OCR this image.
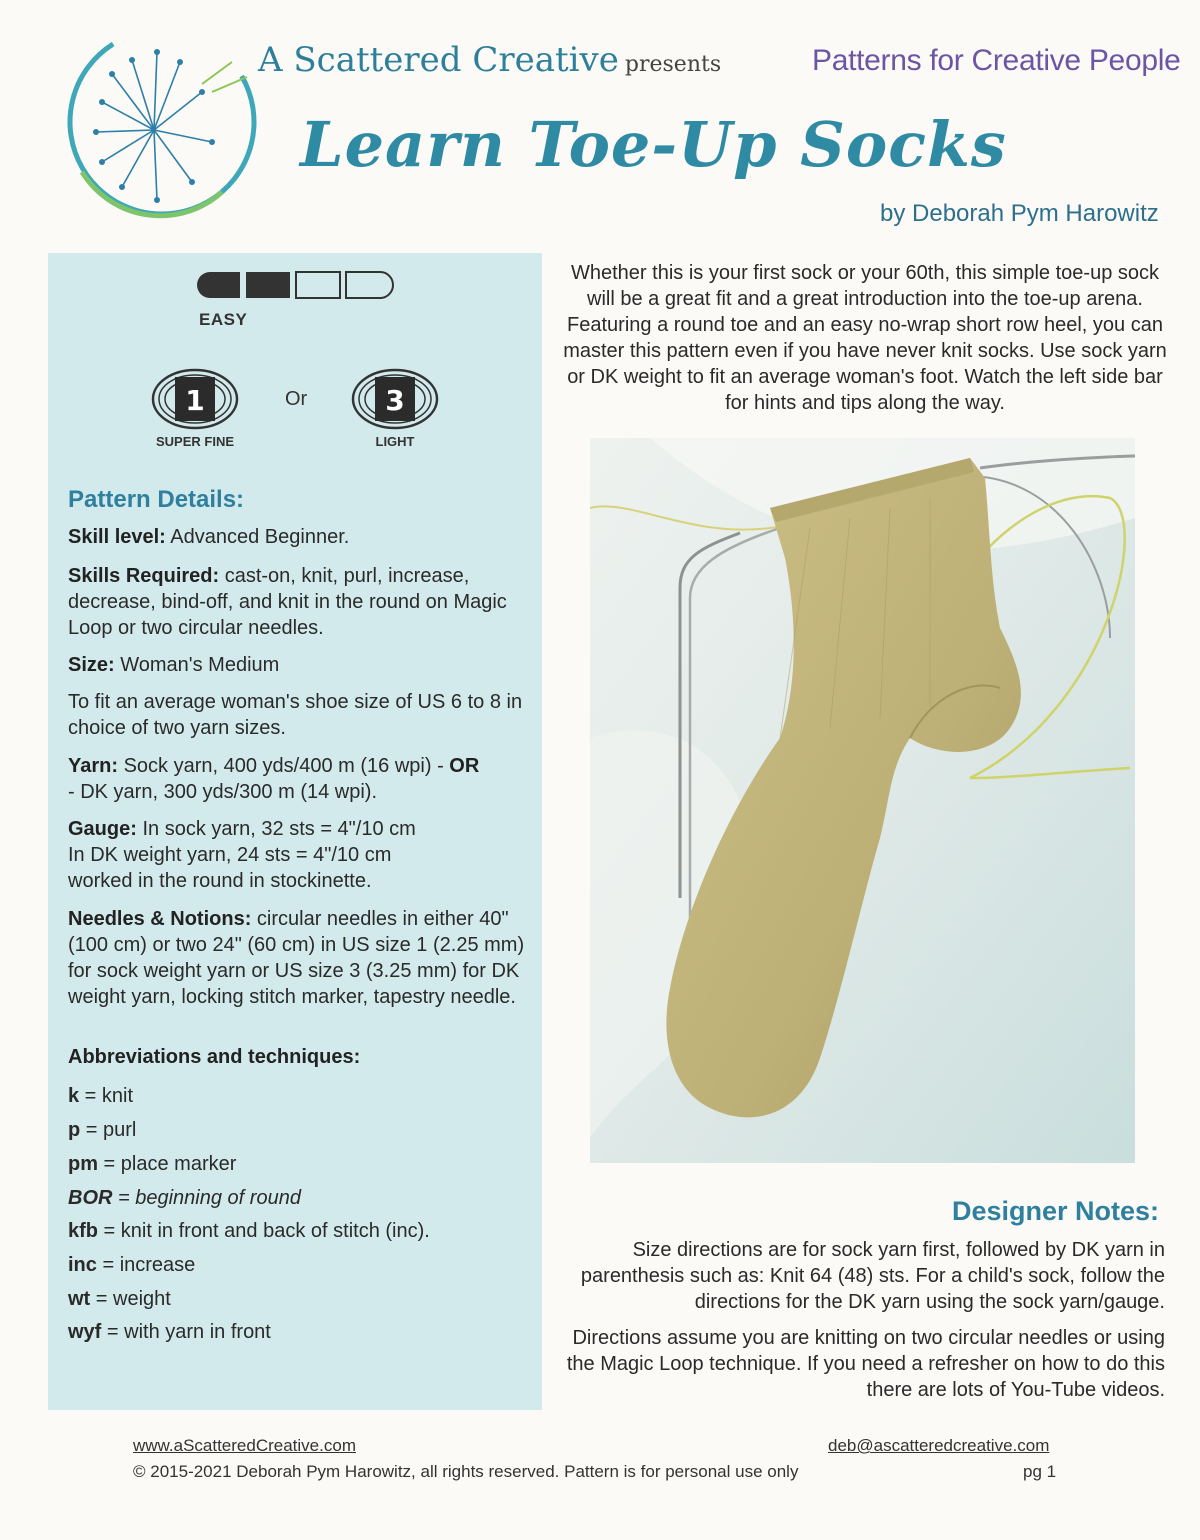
A Scattered Creative presents	Patterns for Creative People
Learn Toe-Up Socks
by Deborah Pym Harowitz
EASY
1
SUPER FINE
Or	3
LIGHT
Pattern Details:
Skill level: Advanced Beginner.
Skills Required: cast-on, knit, purl, increase, decrease, bind-off, and knit in the round on Magic Loop or two circular needles.
Size: Woman's Medium
To fit an average woman's shoe size of US 6 to 8 in choice of two yarn sizes.
Yarn: Sock yarn, 400 yds/400 m (16 wpi) - OR
- DK yarn, 300 yds/300 m (14 wpi).
Gauge: In sock yarn, 32 sts = 4"/10 cm
In DK weight yarn, 24 sts = 4"/10 cm
worked in the round in stockinette.
Needles & Notions: circular needles in either 40" (100 cm) or two 24" (60 cm) in US size 1 (2.25 mm) for sock weight yarn or US size 3 (3.25 mm) for DK weight yarn, locking stitch marker, tapestry needle.
Abbreviations and techniques:
k = knit
p = purl
pm = place marker
BOR = beginning of round
kfb = knit in front and back of stitch (inc).
inc = increase
wt = weight
wyf = with yarn in front
Whether this is your first sock or your 60th, this simple toe-up sock will be a great fit and a great introduction into the toe-up arena. Featuring a round toe and an easy no-wrap short row heel, you can master this pattern even if you have never knit socks. Use sock yarn or DK weight to fit an average woman's foot. Watch the left side bar for hints and tips along the way.
Designer Notes:
Size directions are for sock yarn first, followed by DK yarn in parenthesis such as: Knit 64 (48) sts. For a child's sock, follow the directions for the DK yarn using the sock yarn/gauge.
Directions assume you are knitting on two circular needles or using the Magic Loop technique. If you need a refresher on how to do this there are lots of You-Tube videos.
www.aScatteredCreative.com	deb@ascatteredcreative.com
© 2015-2021 Deborah Pym Harowitz, all rights reserved. Pattern is for personal use only	pg 1
